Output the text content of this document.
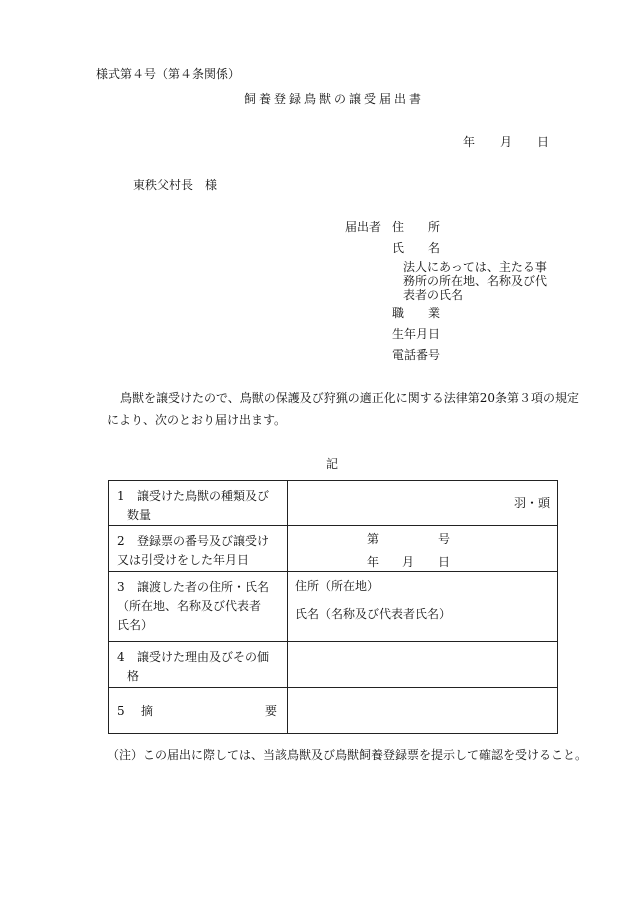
様式第４号（第４条関係）
飼養登録鳥獣の譲受届出書
年 月 日
東秩父村長　様
届出者 住　　所
氏　　名
法人にあっては、主たる事
務所の所在地、名称及び代
表者の氏名
職　　業
生年月日
電話番号
鳥獣を譲受けたので、鳥獣の保護及び狩猟の適正化に関する法律第20条第３項の規定
により、次のとおり届け出ます。
記
1 譲受けた鳥獣の種類及び
数量	羽・頭

2 登録票の番号及び譲受け
又は引受けをした年月日	第 号
年 月 日

3 譲渡した者の住所・氏名
（所在地、名称及び代表者
氏名）	住所（所在地）
氏名（名称及び代表者氏名）

4 譲受けた理由及びその価
格	
5 摘 要	

（注）この届出に際しては、当該鳥獣及び鳥獣飼養登録票を提示して確認を受けること。
